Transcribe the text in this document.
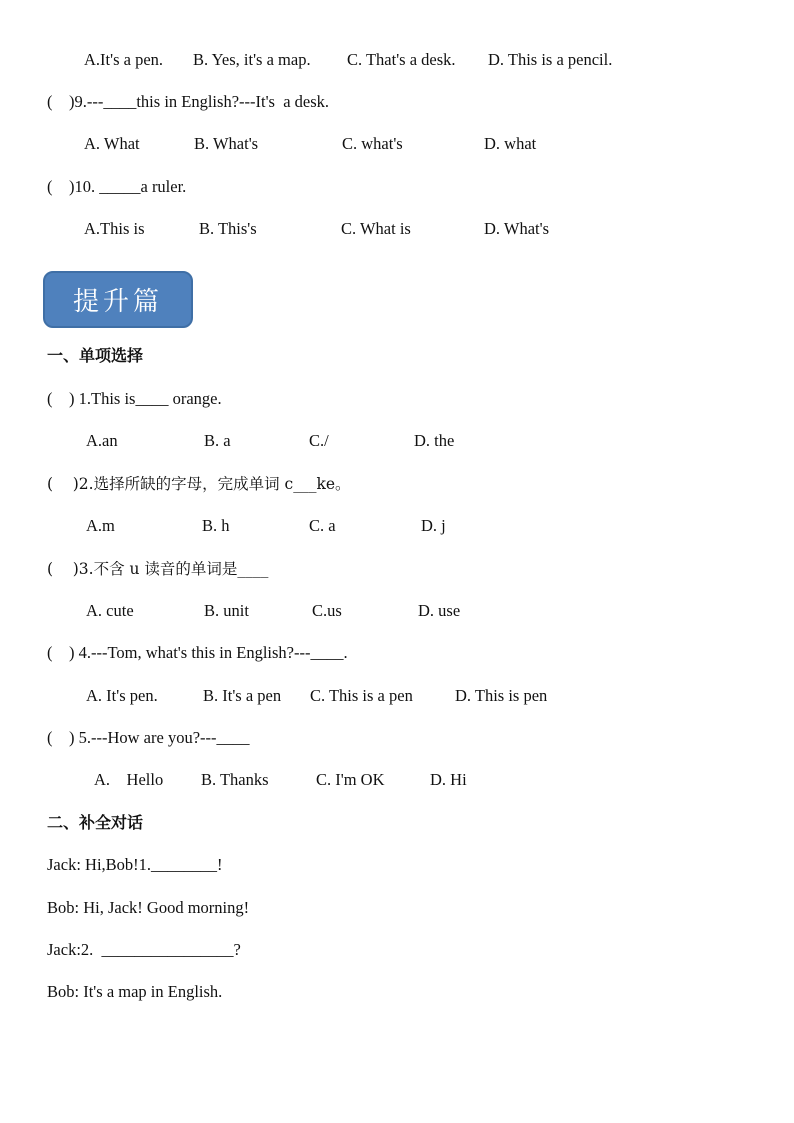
A.It's a pen. B. Yes, it's a map. C. That's a desk. D. This is a pencil.
(    )9.---____this in English?---It's  a desk.
A. What	B. What's	C. what's	D. what
(    )10. _____a ruler.
A.This is	B. This's	C. What is	D. What's
提升篇
一、单项选择
(    ) 1.This is____ orange.
A.an	B. a	C./	D. the
(    )2.选择所缺的字母，完成单词 c___ke。
A.m	B. h	C. a	D. j
(    )3.不含 u 读音的单词是____
A. cute	B. unit	C.us	D. use
(    ) 4.---Tom, what's this in English?---____.
A. It's pen.	B. It's a pen C. This is a pen	D. This is pen
(    ) 5.---How are you?---____
A.    Hello B. Thanks	C. I'm OK	D. Hi
二、补全对话
Jack: Hi,Bob!1.________!
Bob: Hi, Jack! Good morning!
Jack:2.  ________________?
Bob: It's a map in English.
